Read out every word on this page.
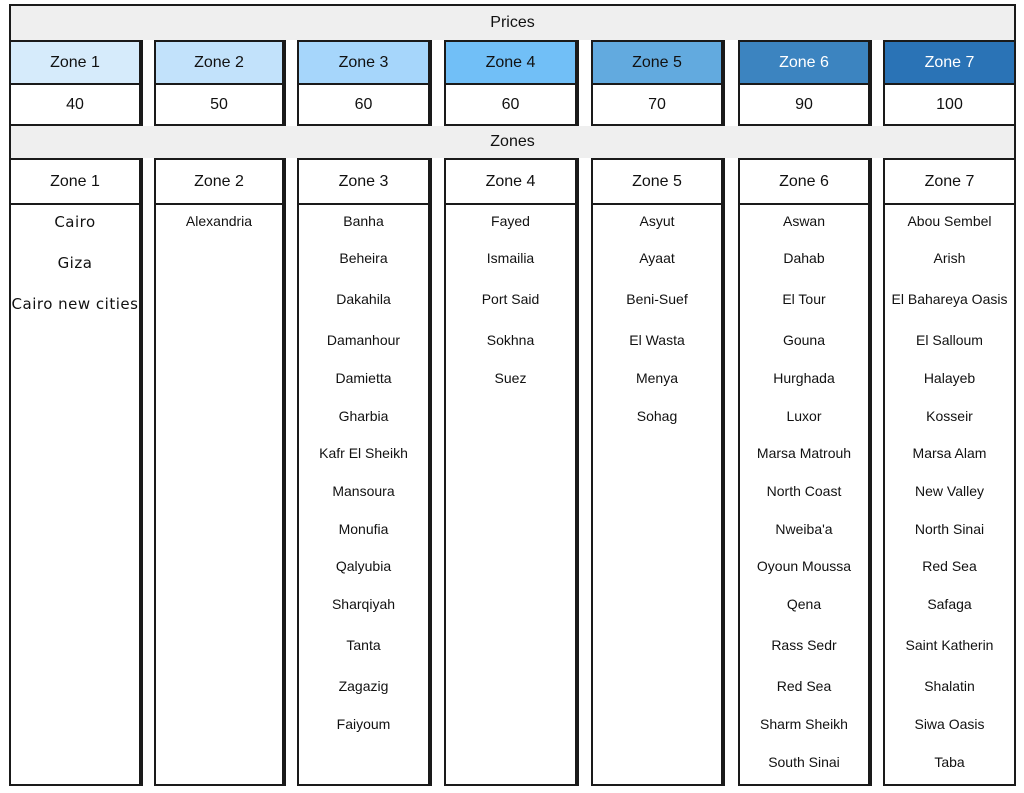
Prices
Zones
Zone 1
40
Zone 1
Cairo
Giza
Cairo new cities
Zone 2
50
Zone 2
Alexandria
Zone 3
60
Zone 3
Banha
Beheira
Dakahila
Damanhour
Damietta
Gharbia
Kafr El Sheikh
Mansoura
Monufia
Qalyubia
Sharqiyah
Tanta
Zagazig
Faiyoum
Zone 4
60
Zone 4
Fayed
Ismailia
Port Said
Sokhna
Suez
Zone 5
70
Zone 5
Asyut
Ayaat
Beni-Suef
El Wasta
Menya
Sohag
Zone 6
90
Zone 6
Aswan
Dahab
El Tour
Gouna
Hurghada
Luxor
Marsa Matrouh
North Coast
Nweiba'a
Oyoun Moussa
Qena
Rass Sedr
Red Sea
Sharm Sheikh
South Sinai
Zone 7
100
Zone 7
Abou Sembel
Arish
El Bahareya Oasis
El Salloum
Halayeb
Kosseir
Marsa Alam
New Valley
North Sinai
Red Sea
Safaga
Saint Katherin
Shalatin
Siwa Oasis
Taba
